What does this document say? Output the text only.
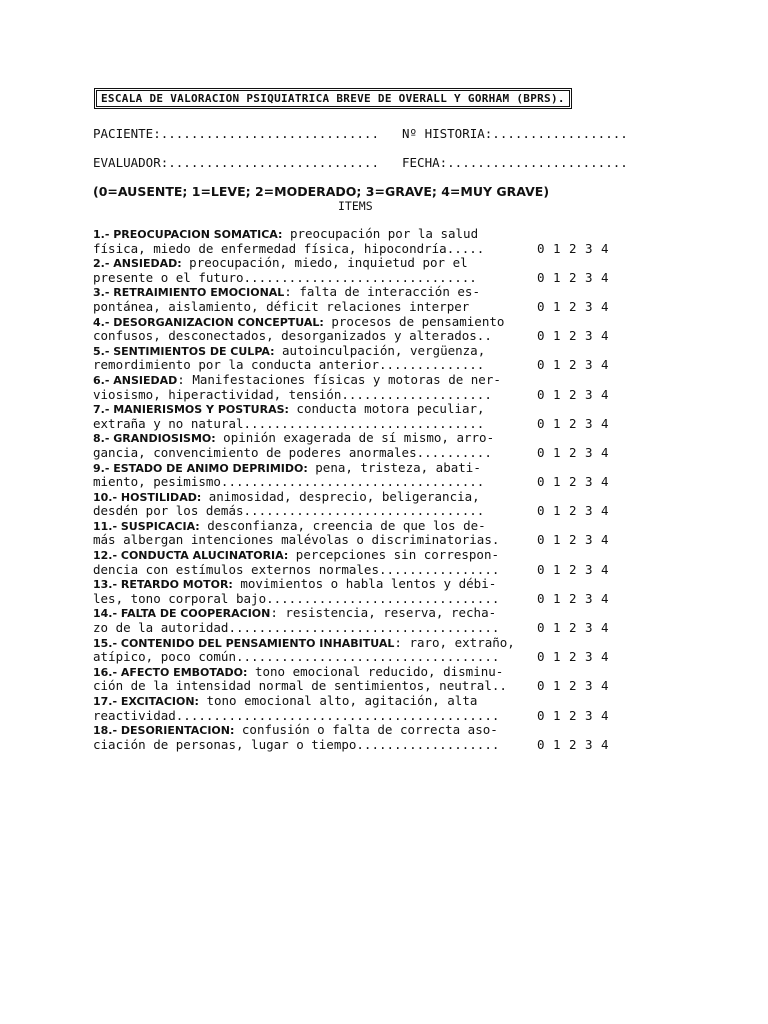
ESCALA DE VALORACION PSIQUIATRICA BREVE DE OVERALL Y GORHAM (BPRS).
PACIENTE:............................. Nº HISTORIA:..................
EVALUADOR:............................ FECHA:........................
(0=AUSENTE; 1=LEVE; 2=MODERADO; 3=GRAVE; 4=MUY GRAVE)
ITEMS
1.- PREOCUPACION SOMATICA: preocupación por la salud
física, miedo de enfermedad física, hipocondría.....	0 1 2 3 4
2.- ANSIEDAD: preocupación, miedo, inquietud por el
presente o el futuro...............................	0 1 2 3 4
3.- RETRAIMIENTO EMOCIONAL: falta de interacción es-
pontánea, aislamiento, déficit relaciones interper	0 1 2 3 4
4.- DESORGANIZACION CONCEPTUAL: procesos de pensamiento
confusos, desconectados, desorganizados y alterados..	0 1 2 3 4
5.- SENTIMIENTOS DE CULPA: autoinculpación, vergüenza,
remordimiento por la conducta anterior..............	0 1 2 3 4
6.- ANSIEDAD: Manifestaciones físicas y motoras de ner-
viosismo, hiperactividad, tensión....................	0 1 2 3 4
7.- MANIERISMOS Y POSTURAS: conducta motora peculiar,
extraña y no natural................................	0 1 2 3 4
8.- GRANDIOSISMO: opinión exagerada de sí mismo, arro-
gancia, convencimiento de poderes anormales..........	0 1 2 3 4
9.- ESTADO DE ANIMO DEPRIMIDO: pena, tristeza, abati-
miento, pesimismo...................................	0 1 2 3 4
10.- HOSTILIDAD: animosidad, desprecio, beligerancia,
desdén por los demás................................	0 1 2 3 4
11.- SUSPICACIA: desconfianza, creencia de que los de-
más albergan intenciones malévolas o discriminatorias.	0 1 2 3 4
12.- CONDUCTA ALUCINATORIA: percepciones sin correspon-
dencia con estímulos externos normales................	0 1 2 3 4
13.- RETARDO MOTOR: movimientos o habla lentos y débi-
les, tono corporal bajo...............................	0 1 2 3 4
14.- FALTA DE COOPERACION: resistencia, reserva, recha-
zo de la autoridad....................................	0 1 2 3 4
15.- CONTENIDO DEL PENSAMIENTO INHABITUAL: raro, extraño,
atípico, poco común...................................	0 1 2 3 4
16.- AFECTO EMBOTADO: tono emocional reducido, disminu-
ción de la intensidad normal de sentimientos, neutral..	0 1 2 3 4
17.- EXCITACION: tono emocional alto, agitación, alta
reactividad...........................................	0 1 2 3 4
18.- DESORIENTACION: confusión o falta de correcta aso-
ciación de personas, lugar o tiempo...................	0 1 2 3 4
